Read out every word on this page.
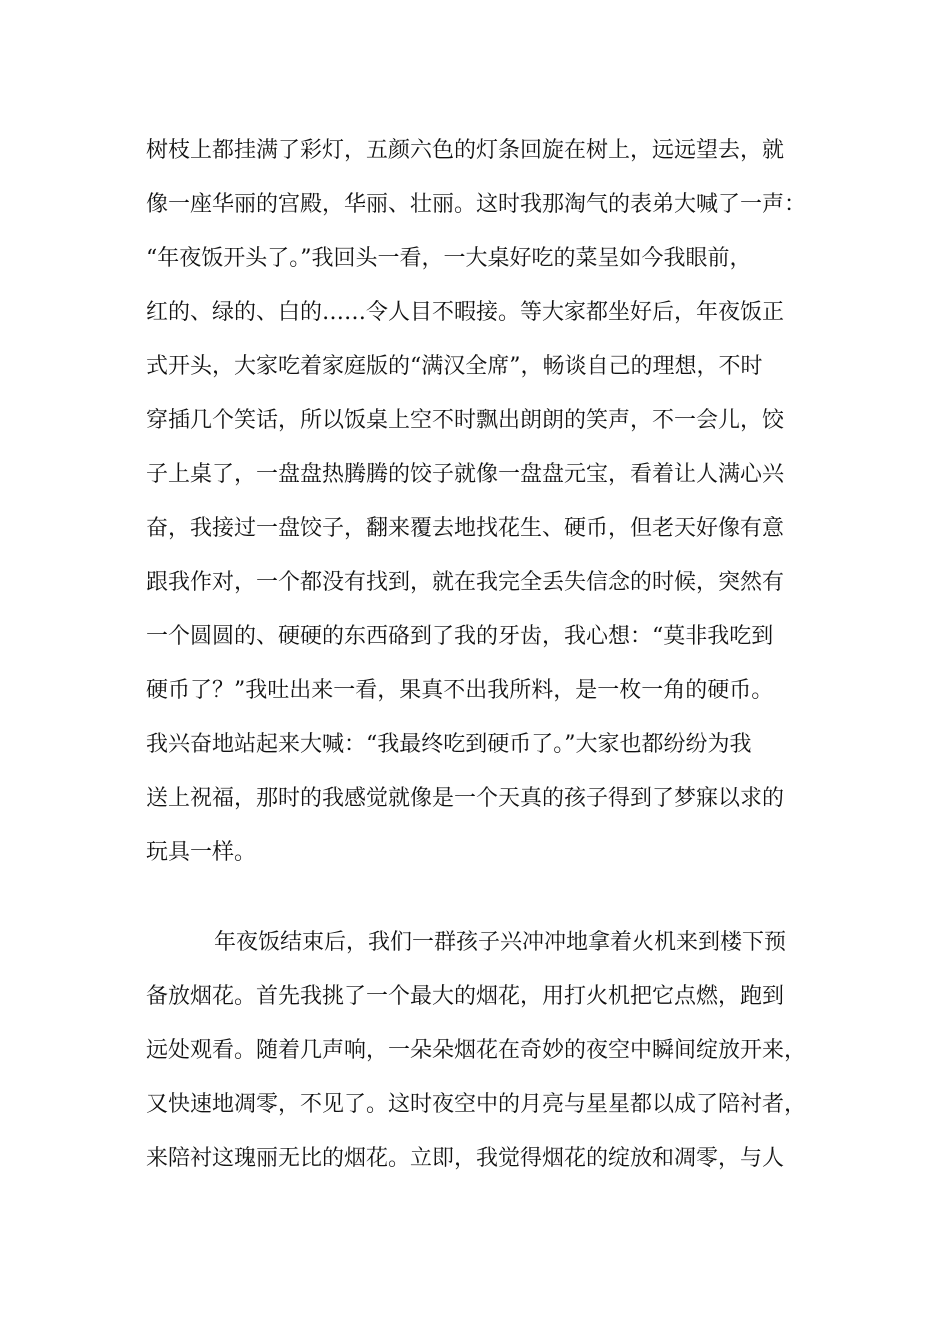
树枝上都挂满了彩灯，五颜六色的灯条回旋在树上，远远望去，就
像一座华丽的宫殿，华丽、壮丽。这时我那淘气的表弟大喊了一声：
“年夜饭开头了。”我回头一看，一大桌好吃的菜呈如今我眼前，
红的、绿的、白的……令人目不暇接。等大家都坐好后，年夜饭正
式开头，大家吃着家庭版的“满汉全席”，畅谈自己的理想，不时
穿插几个笑话，所以饭桌上空不时飘出朗朗的笑声，不一会儿，饺
子上桌了，一盘盘热腾腾的饺子就像一盘盘元宝，看着让人满心兴
奋，我接过一盘饺子，翻来覆去地找花生、硬币，但老天好像有意
跟我作对，一个都没有找到，就在我完全丢失信念的时候，突然有
一个圆圆的、硬硬的东西硌到了我的牙齿，我心想：“莫非我吃到
硬币了？”我吐出来一看，果真不出我所料，是一枚一角的硬币。
我兴奋地站起来大喊：“我最终吃到硬币了。”大家也都纷纷为我
送上祝福，那时的我感觉就像是一个天真的孩子得到了梦寐以求的
玩具一样。
年夜饭结束后，我们一群孩子兴冲冲地拿着火机来到楼下预
备放烟花。首先我挑了一个最大的烟花，用打火机把它点燃，跑到
远处观看。随着几声响，一朵朵烟花在奇妙的夜空中瞬间绽放开来，
又快速地凋零，不见了。这时夜空中的月亮与星星都以成了陪衬者，
来陪衬这瑰丽无比的烟花。立即，我觉得烟花的绽放和凋零，与人
